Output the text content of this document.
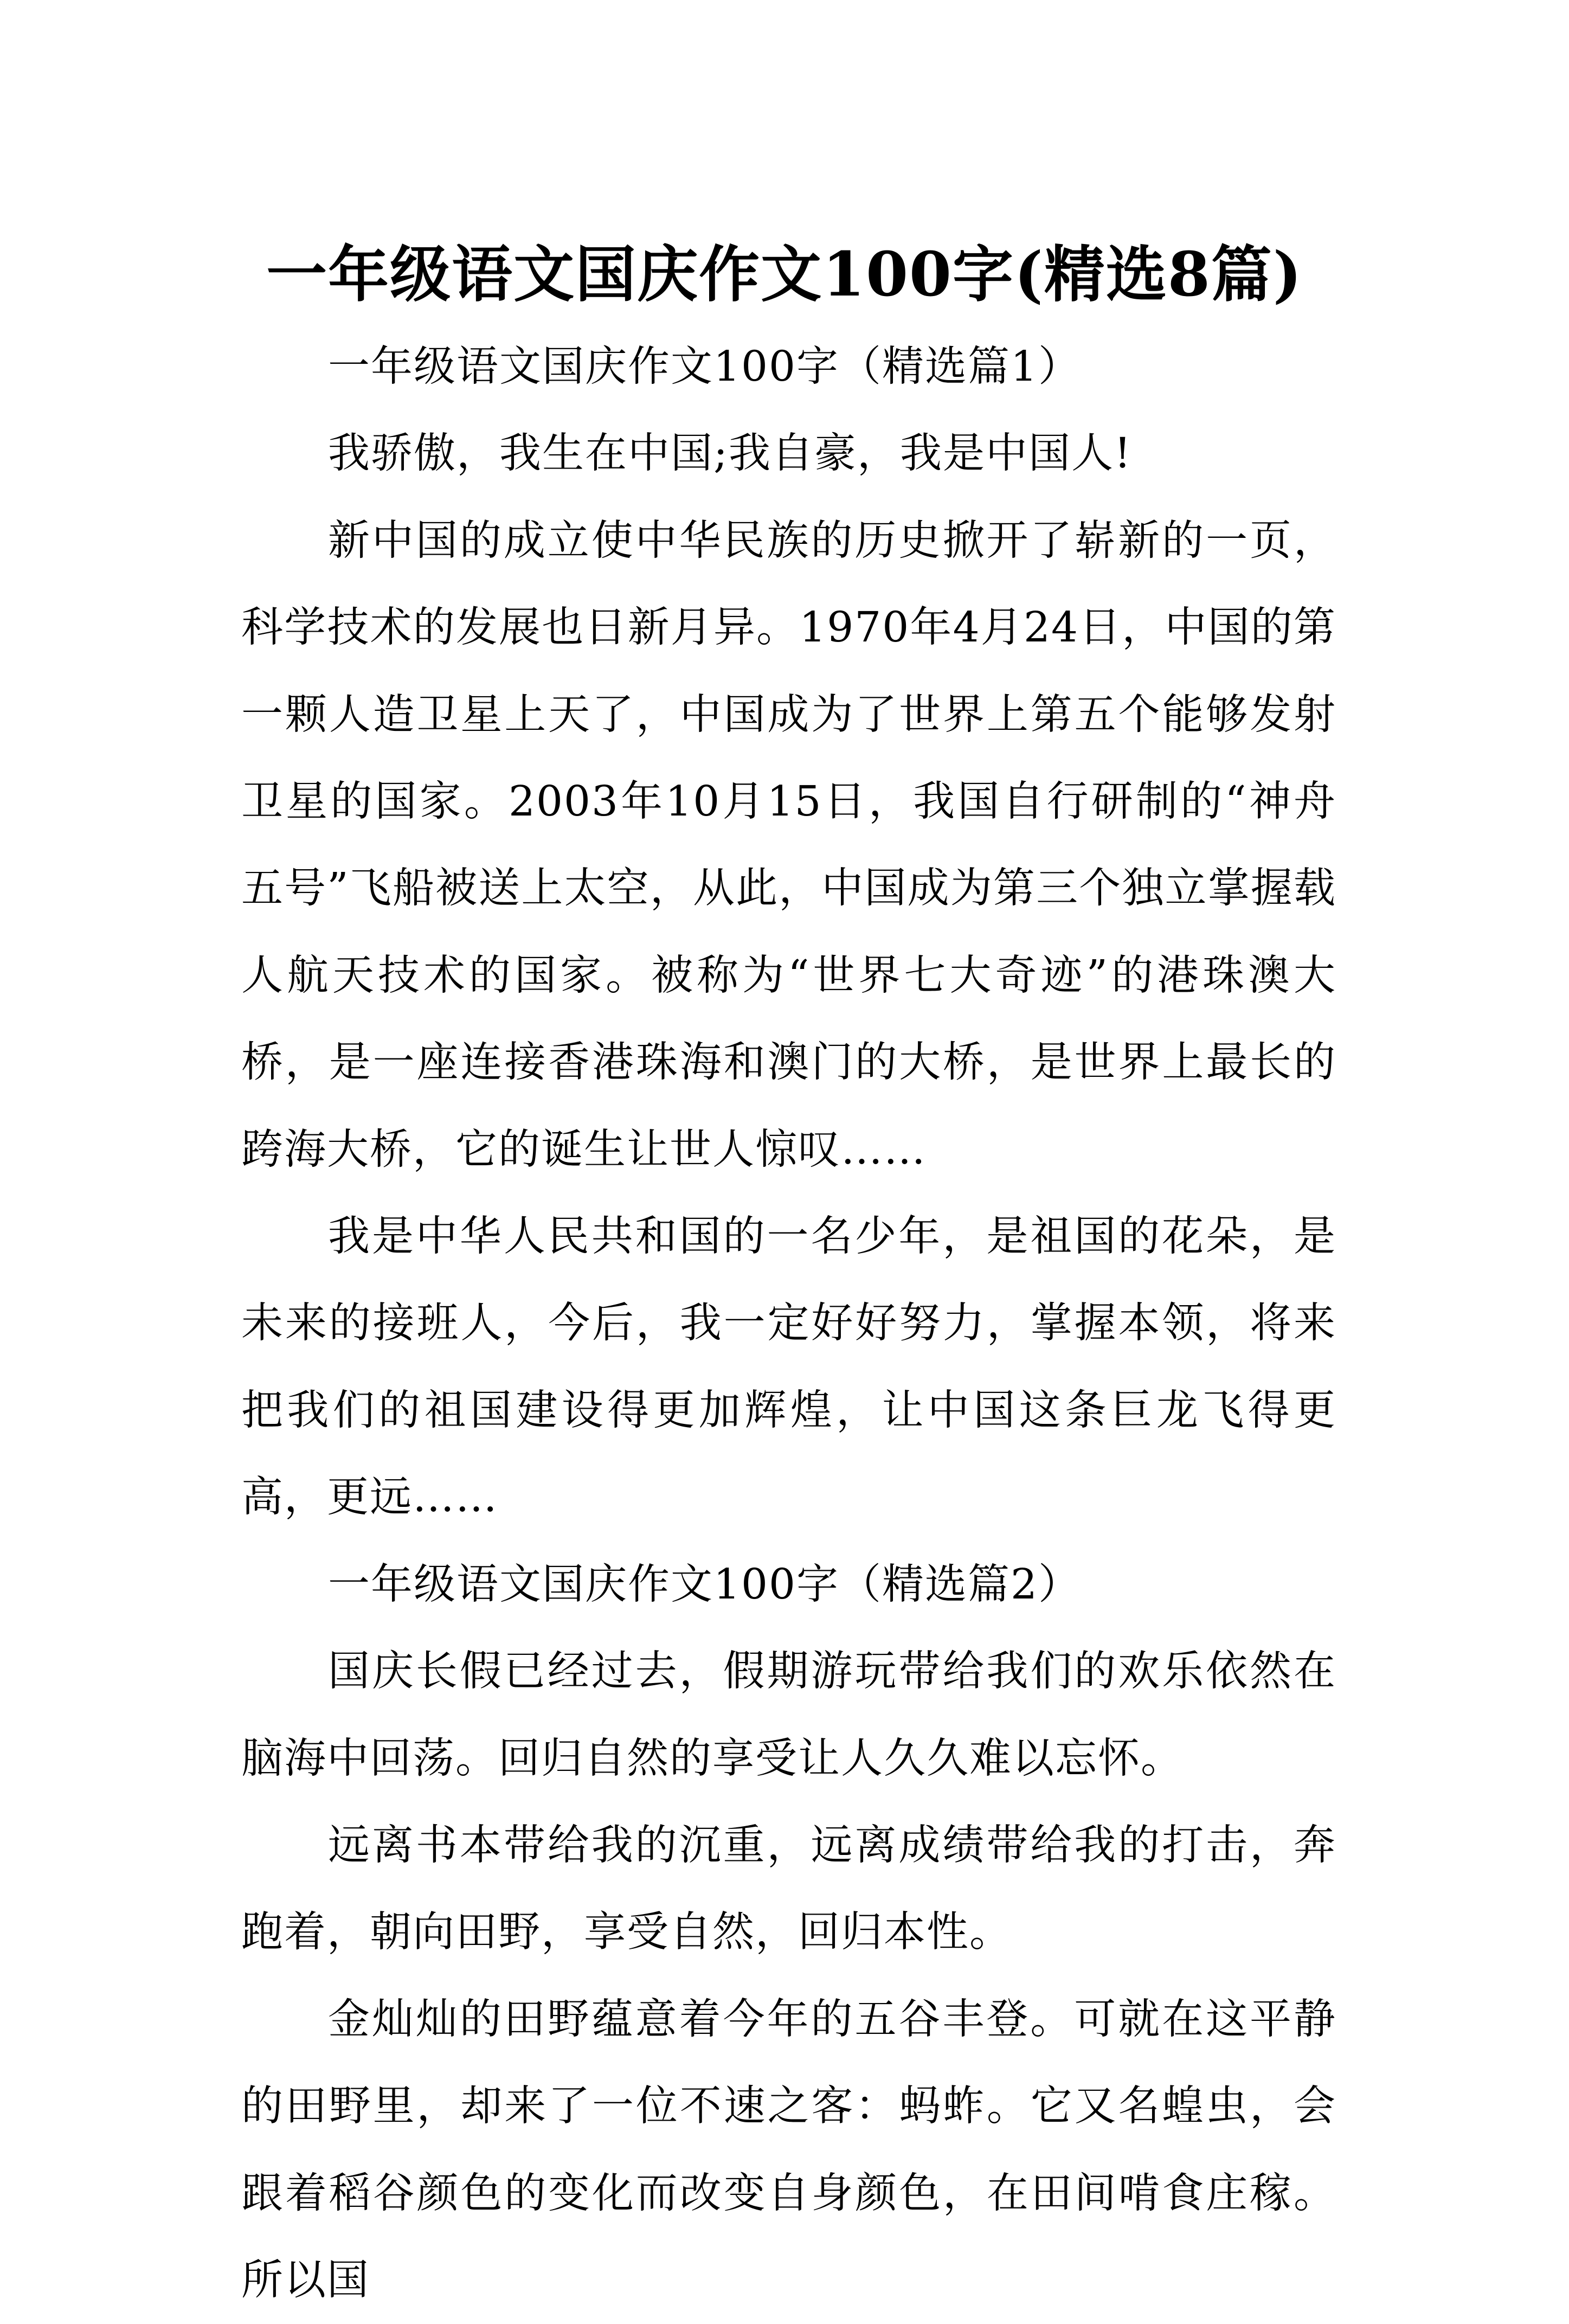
一年级语文国庆作文100字(精选8篇)

一年级语文国庆作文100字（精选篇1）

我骄傲，我生在中国;我自豪，我是中国人!

新中国的成立使中华民族的历史掀开了崭新的一页，科学技术的发展也日新月异。1970年4月24日，中国的第一颗人造卫星上天了，中国成为了世界上第五个能够发射卫星的国家。2003年10月15日，我国自行研制的“神舟五号”飞船被送上太空，从此，中国成为第三个独立掌握载人航天技术的国家。被称为“世界七大奇迹”的港珠澳大桥，是一座连接香港珠海和澳门的大桥，是世界上最长的跨海大桥，它的诞生让世人惊叹……

我是中华人民共和国的一名少年，是祖国的花朵，是未来的接班人，今后，我一定好好努力，掌握本领，将来把我们的祖国建设得更加辉煌，让中国这条巨龙飞得更高，更远……

一年级语文国庆作文100字（精选篇2）

国庆长假已经过去，假期游玩带给我们的欢乐依然在脑海中回荡。回归自然的享受让人久久难以忘怀。

远离书本带给我的沉重，远离成绩带给我的打击，奔跑着，朝向田野，享受自然，回归本性。

金灿灿的田野蕴意着今年的五谷丰登。可就在这平静的田野里，却来了一位不速之客：蚂蚱。它又名蝗虫，会跟着稻谷颜色的变化而改变自身颜色，在田间啃食庄稼。所以国
